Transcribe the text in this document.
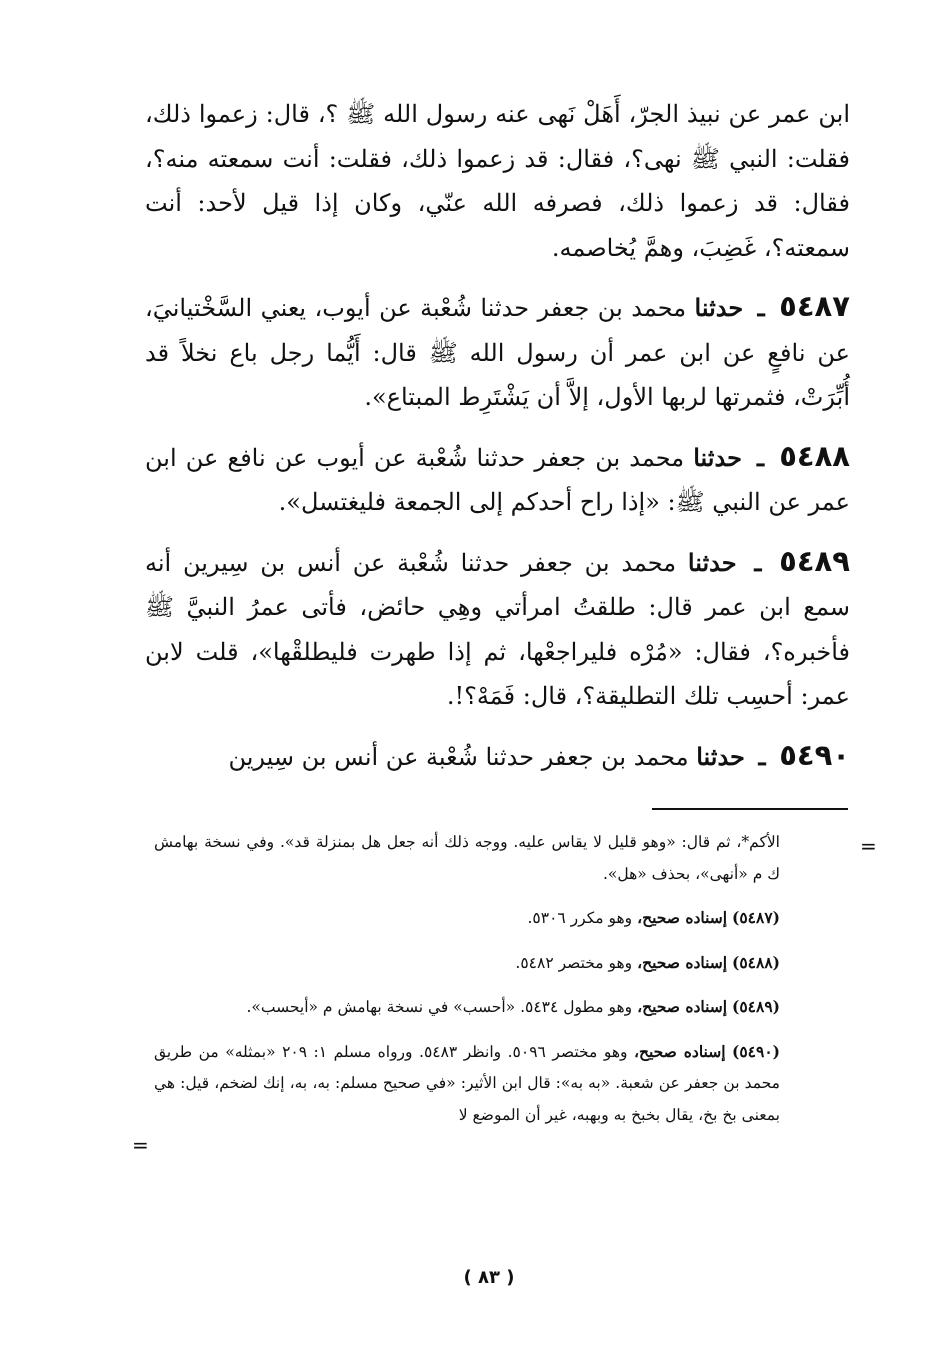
ابن عمر عن نبيذ الجرّ، أَهَلْ نَهى عنه رسول الله ﷺ ؟، قال: زعموا ذلك، فقلت: النبي ﷺ نهى؟، فقال: قد زعموا ذلك، فقلت: أنت سمعته منه؟، فقال: قد زعموا ذلك، فصرفه الله عنّي، وكان إذا قيل لأحد: أنت سمعته؟، غَضِبَ، وهمَّ يُخاصمه.

٥٤٨٧ ـ حدثنا محمد بن جعفر حدثنا شُعْبة عن أيوب، يعني السَّخْتيانيَ، عن نافعٍ عن ابن عمر أن رسول الله ﷺ قال: أَيُّما رجل باع نخلاً قد أُبِّرَتْ، فثمرتها لربها الأول، إلاَّ أن يَشْتَرِط المبتاع».

٥٤٨٨ ـ حدثنا محمد بن جعفر حدثنا شُعْبة عن أيوب عن نافع عن ابن عمر عن النبي ﷺ: «إذا راح أحدكم إلى الجمعة فليغتسل».

٥٤٨٩ ـ حدثنا محمد بن جعفر حدثنا شُعْبة عن أنس بن سِيرين أنه سمع ابن عمر قال: طلقتُ امرأتي وهِي حائض، فأتى عمرُ النبيَّ ﷺ فأخبره؟، فقال: «مُرْه فليراجعْها، ثم إذا طهرت فليطلقْها»، قلت لابن عمر: أحسِب تلك التطليقة؟، قال: فَمَهْ؟!.

٥٤٩٠ ـ حدثنا محمد بن جعفر حدثنا شُعْبة عن أنس بن سِيرين

=

الأكم*، ثم قال: «وهو قليل لا يقاس عليه. ووجه ذلك أنه جعل هل بمنزلة قد». وفي نسخة بهامش ك م «أنهى»، بحذف «هل».

(٥٤٨٧) إسناده صحيح، وهو مكرر ٥٣٠٦.

(٥٤٨٨) إسناده صحيح، وهو مختصر ٥٤٨٢.

(٥٤٨٩) إسناده صحيح، وهو مطول ٥٤٣٤. «أحسب» في نسخة بهامش م «أيحسب».

(٥٤٩٠) إسناده صحيح، وهو مختصر ٥٠٩٦. وانظر ٥٤٨٣. ورواه مسلم ١: ٢٠٩ «بمثله» من طريق محمد بن جعفر عن شعبة. «به به»: قال ابن الأثير: «في صحيح مسلم: به، به، إنك لضخم، قيل: هي بمعنى بخ بخ، يقال بخبخ به وبهبه، غير أن الموضع لا

=
( ٨٣ )
